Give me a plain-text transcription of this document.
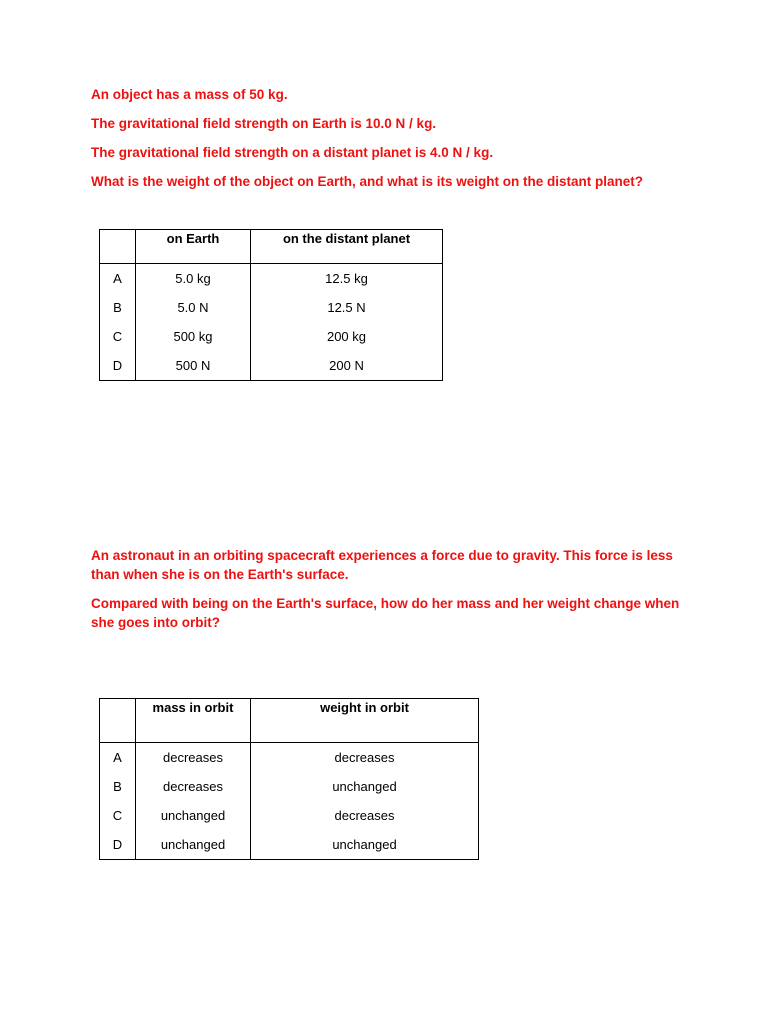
An object has a mass of 50 kg.

The gravitational field strength on Earth is 10.0 N / kg.

The gravitational field strength on a distant planet is 4.0 N / kg.

What is the weight of the object on Earth, and what is its weight on the distant planet?

	on Earth	on the distant planet
A	5.0 kg	12.5 kg
B	5.0 N	12.5 N
C	500 kg	200 kg
D	500 N	200 N

An astronaut in an orbiting spacecraft experiences a force due to gravity. This force is less than when she is on the Earth's surface.

Compared with being on the Earth's surface, how do her mass and her weight change when she goes into orbit?

	mass in orbit	weight in orbit
A	decreases	decreases
B	decreases	unchanged
C	unchanged	decreases
D	unchanged	unchanged
